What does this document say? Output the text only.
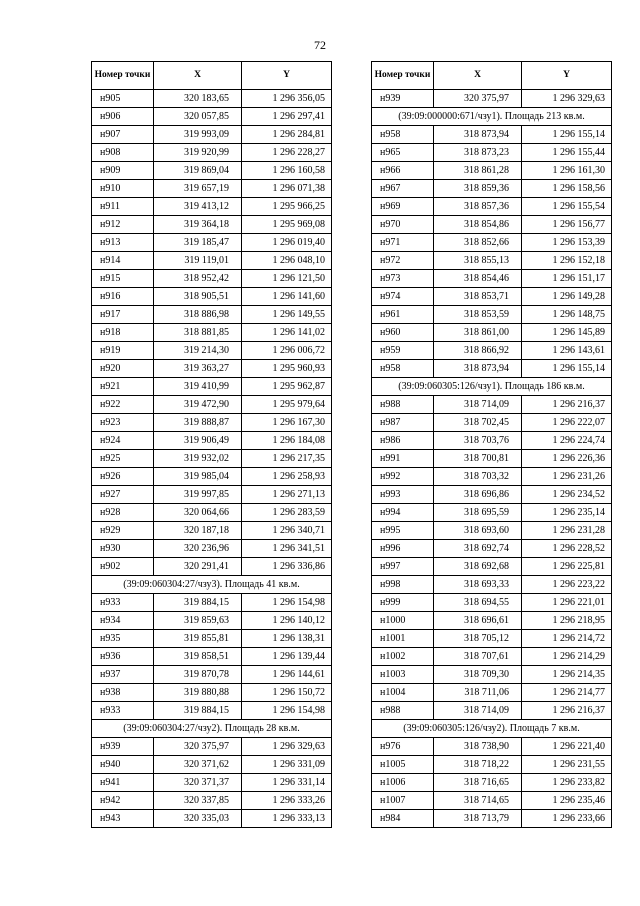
72
Номер точки	X	Y
н905	320 183,65	1 296 356,05
н906	320 057,85	1 296 297,41
н907	319 993,09	1 296 284,81
н908	319 920,99	1 296 228,27
н909	319 869,04	1 296 160,58
н910	319 657,19	1 296 071,38
н911	319 413,12	1 295 966,25
н912	319 364,18	1 295 969,08
н913	319 185,47	1 296 019,40
н914	319 119,01	1 296 048,10
н915	318 952,42	1 296 121,50
н916	318 905,51	1 296 141,60
н917	318 886,98	1 296 149,55
н918	318 881,85	1 296 141,02
н919	319 214,30	1 296 006,72
н920	319 363,27	1 295 960,93
н921	319 410,99	1 295 962,87
н922	319 472,90	1 295 979,64
н923	319 888,87	1 296 167,30
н924	319 906,49	1 296 184,08
н925	319 932,02	1 296 217,35
н926	319 985,04	1 296 258,93
н927	319 997,85	1 296 271,13
н928	320 064,66	1 296 283,59
н929	320 187,18	1 296 340,71
н930	320 236,96	1 296 341,51
н902	320 291,41	1 296 336,86
(39:09:060304:27/чзу3). Площадь 41 кв.м.		
н933	319 884,15	1 296 154,98
н934	319 859,63	1 296 140,12
н935	319 855,81	1 296 138,31
н936	319 858,51	1 296 139,44
н937	319 870,78	1 296 144,61
н938	319 880,88	1 296 150,72
н933	319 884,15	1 296 154,98
(39:09:060304:27/чзу2). Площадь 28 кв.м.		
н939	320 375,97	1 296 329,63
н940	320 371,62	1 296 331,09
н941	320 371,37	1 296 331,14
н942	320 337,85	1 296 333,26
н943	320 335,03	1 296 333,13
Номер точки	X	Y
н939	320 375,97	1 296 329,63
(39:09:000000:671/чзу1). Площадь 213 кв.м.		
н958	318 873,94	1 296 155,14
н965	318 873,23	1 296 155,44
н966	318 861,28	1 296 161,30
н967	318 859,36	1 296 158,56
н969	318 857,36	1 296 155,54
н970	318 854,86	1 296 156,77
н971	318 852,66	1 296 153,39
н972	318 855,13	1 296 152,18
н973	318 854,46	1 296 151,17
н974	318 853,71	1 296 149,28
н961	318 853,59	1 296 148,75
н960	318 861,00	1 296 145,89
н959	318 866,92	1 296 143,61
н958	318 873,94	1 296 155,14
(39:09:060305:126/чзу1). Площадь 186 кв.м.		
н988	318 714,09	1 296 216,37
н987	318 702,45	1 296 222,07
н986	318 703,76	1 296 224,74
н991	318 700,81	1 296 226,36
н992	318 703,32	1 296 231,26
н993	318 696,86	1 296 234,52
н994	318 695,59	1 296 235,14
н995	318 693,60	1 296 231,28
н996	318 692,74	1 296 228,52
н997	318 692,68	1 296 225,81
н998	318 693,33	1 296 223,22
н999	318 694,55	1 296 221,01
н1000	318 696,61	1 296 218,95
н1001	318 705,12	1 296 214,72
н1002	318 707,61	1 296 214,29
н1003	318 709,30	1 296 214,35
н1004	318 711,06	1 296 214,77
н988	318 714,09	1 296 216,37
(39:09:060305:126/чзу2). Площадь 7 кв.м.		
н976	318 738,90	1 296 221,40
н1005	318 718,22	1 296 231,55
н1006	318 716,65	1 296 233,82
н1007	318 714,65	1 296 235,46
н984	318 713,79	1 296 233,66
